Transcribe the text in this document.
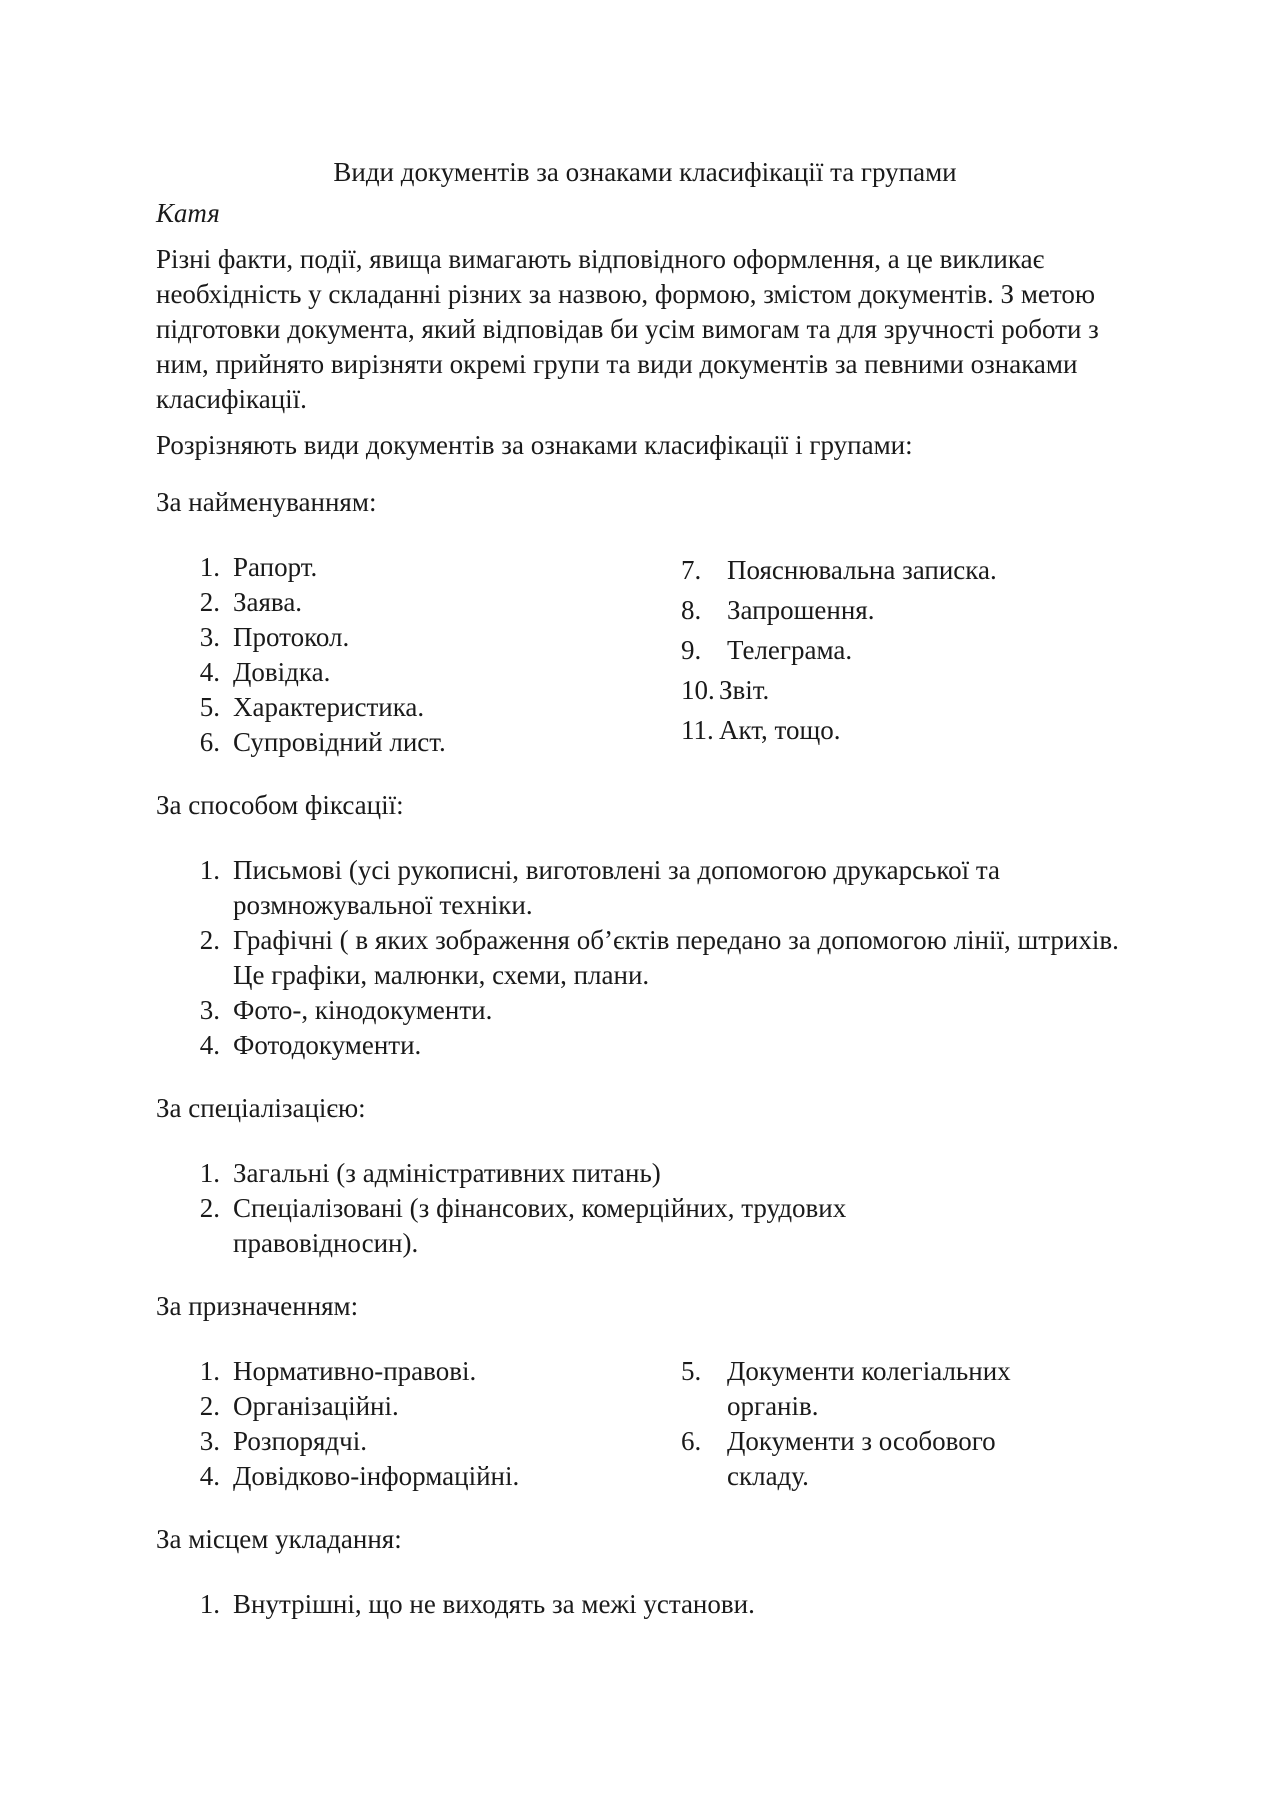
Види документів за ознаками класифікації та групами

Катя

Різні факти, події, явища вимагають відповідного оформлення, а це викликає необхідність у складанні різних за назвою, формою, змістом документів. З метою підготовки документа, який відповідав би усім вимогам та для зручності роботи з ним, прийнято вирізняти окремі групи та види документів за певними ознаками класифікації.

Розрізняють види документів за ознаками класифікації і групами:

За найменуванням:

1. Рапорт.
2. Заява.
3. Протокол.
4. Довідка.
5. Характеристика.
6. Супровідний лист.
7. Пояснювальна записка.
8. Запрошення.
9. Телеграма.
10. Звіт.
11. Акт, тощо.

За способом фіксації:

1. Письмові (усі рукописні, виготовлені за допомогою друкарської та розмножувальної техніки.
2. Графічні ( в яких зображення об’єктів передано за допомогою лінії, штрихів. Це графіки, малюнки, схеми, плани.
3. Фото-, кінодокументи.
4. Фотодокументи.

За спеціалізацією:

1. Загальні (з адміністративних питань)
2. Спеціалізовані (з фінансових, комерційних, трудових правовідносин).

За призначенням:

1. Нормативно-правові.
2. Організаційні.
3. Розпорядчі.
4. Довідково-інформаційні.
5. Документи колегіальних органів.
6. Документи з особового складу.

За місцем укладання:

1. Внутрішні, що не виходять за межі установи.
